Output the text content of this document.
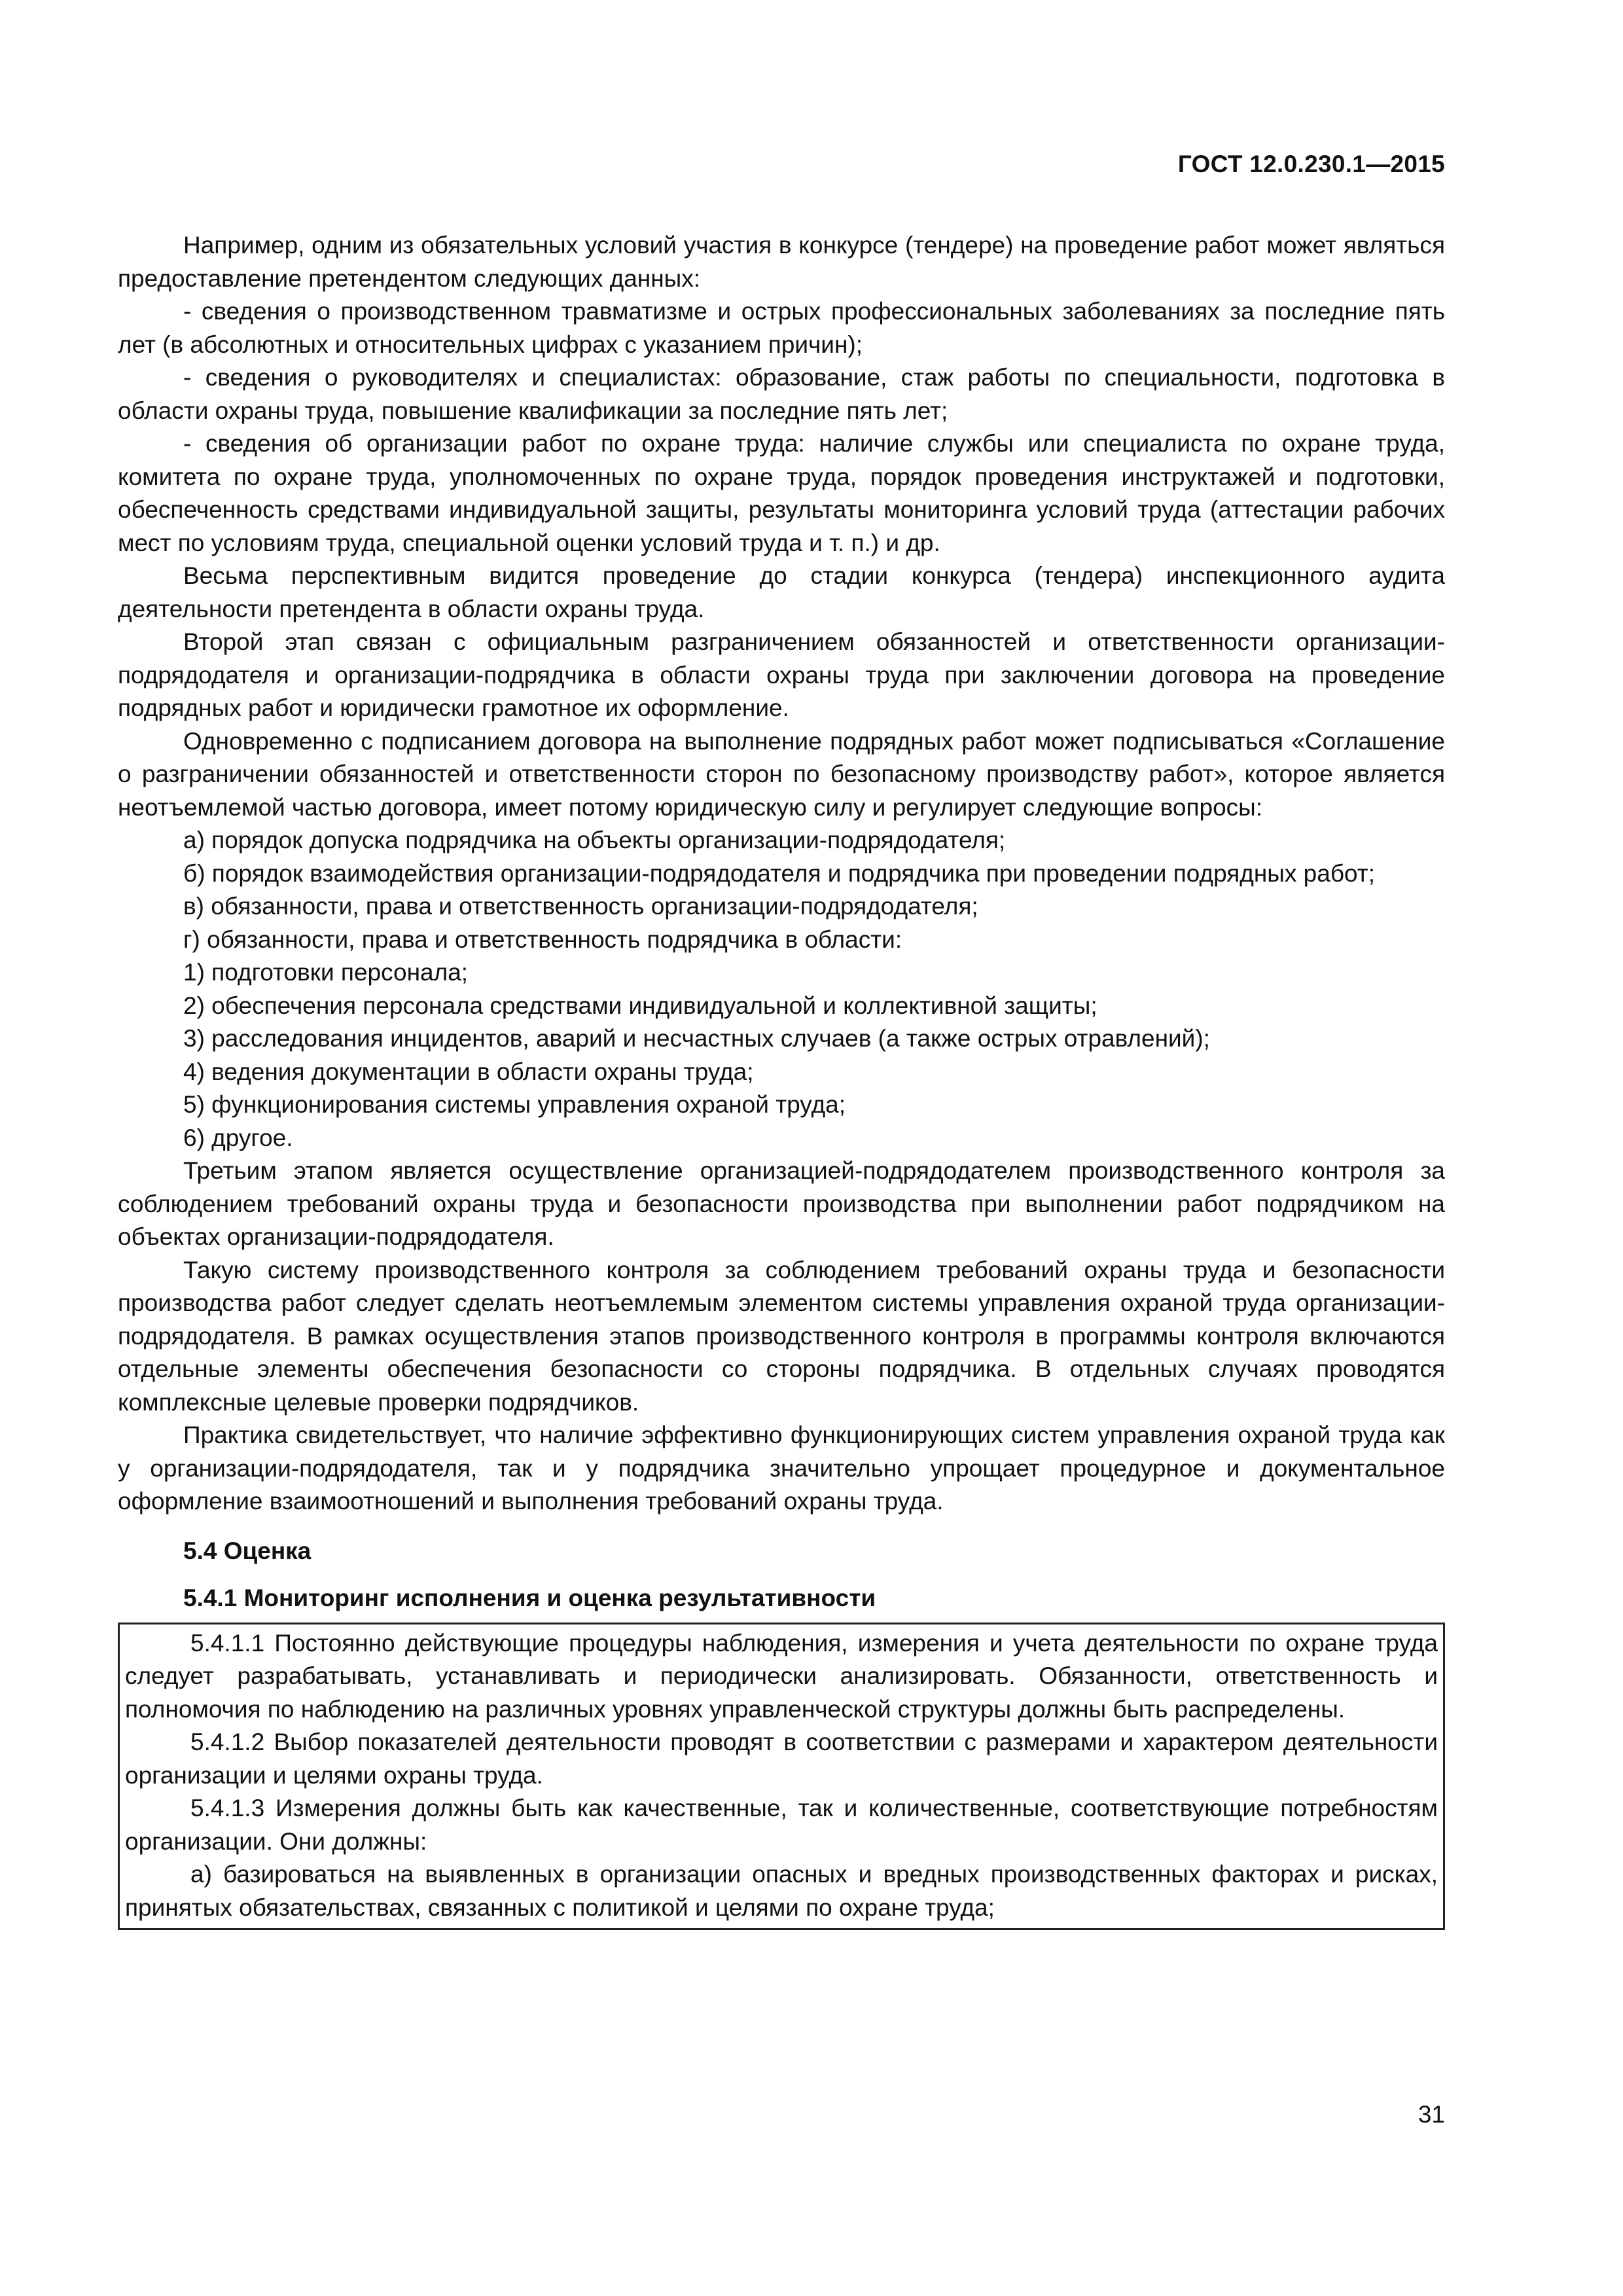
ГОСТ 12.0.230.1—2015

Например, одним из обязательных условий участия в конкурсе (тендере) на проведение работ может являться предоставление претендентом следующих данных:

- сведения о производственном травматизме и острых профессиональных заболеваниях за последние пять лет (в абсолютных и относительных цифрах с указанием причин);

- сведения о руководителях и специалистах: образование, стаж работы по специальности, подготовка в области охраны труда, повышение квалификации за последние пять лет;

- сведения об организации работ по охране труда: наличие службы или специалиста по охране труда, комитета по охране труда, уполномоченных по охране труда, порядок проведения инструктажей и подготовки, обеспеченность средствами индивидуальной защиты, результаты мониторинга условий труда (аттестации рабочих мест по условиям труда, специальной оценки условий труда и т. п.) и др.

Весьма перспективным видится проведение до стадии конкурса (тендера) инспекционного аудита деятельности претендента в области охраны труда.

Второй этап связан с официальным разграничением обязанностей и ответственности организации-подрядодателя и организации-подрядчика в области охраны труда при заключении договора на проведение подрядных работ и юридически грамотное их оформление.

Одновременно с подписанием договора на выполнение подрядных работ может подписываться «Соглашение о разграничении обязанностей и ответственности сторон по безопасному производству работ», которое является неотъемлемой частью договора, имеет потому юридическую силу и регулирует следующие вопросы:

а) порядок допуска подрядчика на объекты организации-подрядодателя;

б) порядок взаимодействия организации-подрядодателя и подрядчика при проведении подрядных работ;

в) обязанности, права и ответственность организации-подрядодателя;

г) обязанности, права и ответственность подрядчика в области:

1) подготовки персонала;

2) обеспечения персонала средствами индивидуальной и коллективной защиты;

3) расследования инцидентов, аварий и несчастных случаев (а также острых отравлений);

4) ведения документации в области охраны труда;

5) функционирования системы управления охраной труда;

6) другое.

Третьим этапом является осуществление организацией-подрядодателем производственного контроля за соблюдением требований охраны труда и безопасности производства при выполнении работ подрядчиком на объектах организации-подрядодателя.

Такую систему производственного контроля за соблюдением требований охраны труда и безопасности производства работ следует сделать неотъемлемым элементом системы управления охраной труда организации-подрядодателя. В рамках осуществления этапов производственного контроля в программы контроля включаются отдельные элементы обеспечения безопасности со стороны подрядчика. В отдельных случаях проводятся комплексные целевые проверки подрядчиков.

Практика свидетельствует, что наличие эффективно функционирующих систем управления охраной труда как у организации-подрядодателя, так и у подрядчика значительно упрощает процедурное и документальное оформление взаимоотношений и выполнения требований охраны труда.

5.4 Оценка

5.4.1 Мониторинг исполнения и оценка результативности

5.4.1.1 Постоянно действующие процедуры наблюдения, измерения и учета деятельности по охране труда следует разрабатывать, устанавливать и периодически анализировать. Обязанности, ответственность и полномочия по наблюдению на различных уровнях управленческой структуры должны быть распределены.

5.4.1.2 Выбор показателей деятельности проводят в соответствии с размерами и характером деятельности организации и целями охраны труда.

5.4.1.3 Измерения должны быть как качественные, так и количественные, соответствующие потребностям организации. Они должны:

а) базироваться на выявленных в организации опасных и вредных производственных факторах и рисках, принятых обязательствах, связанных с политикой и целями по охране труда;

31
